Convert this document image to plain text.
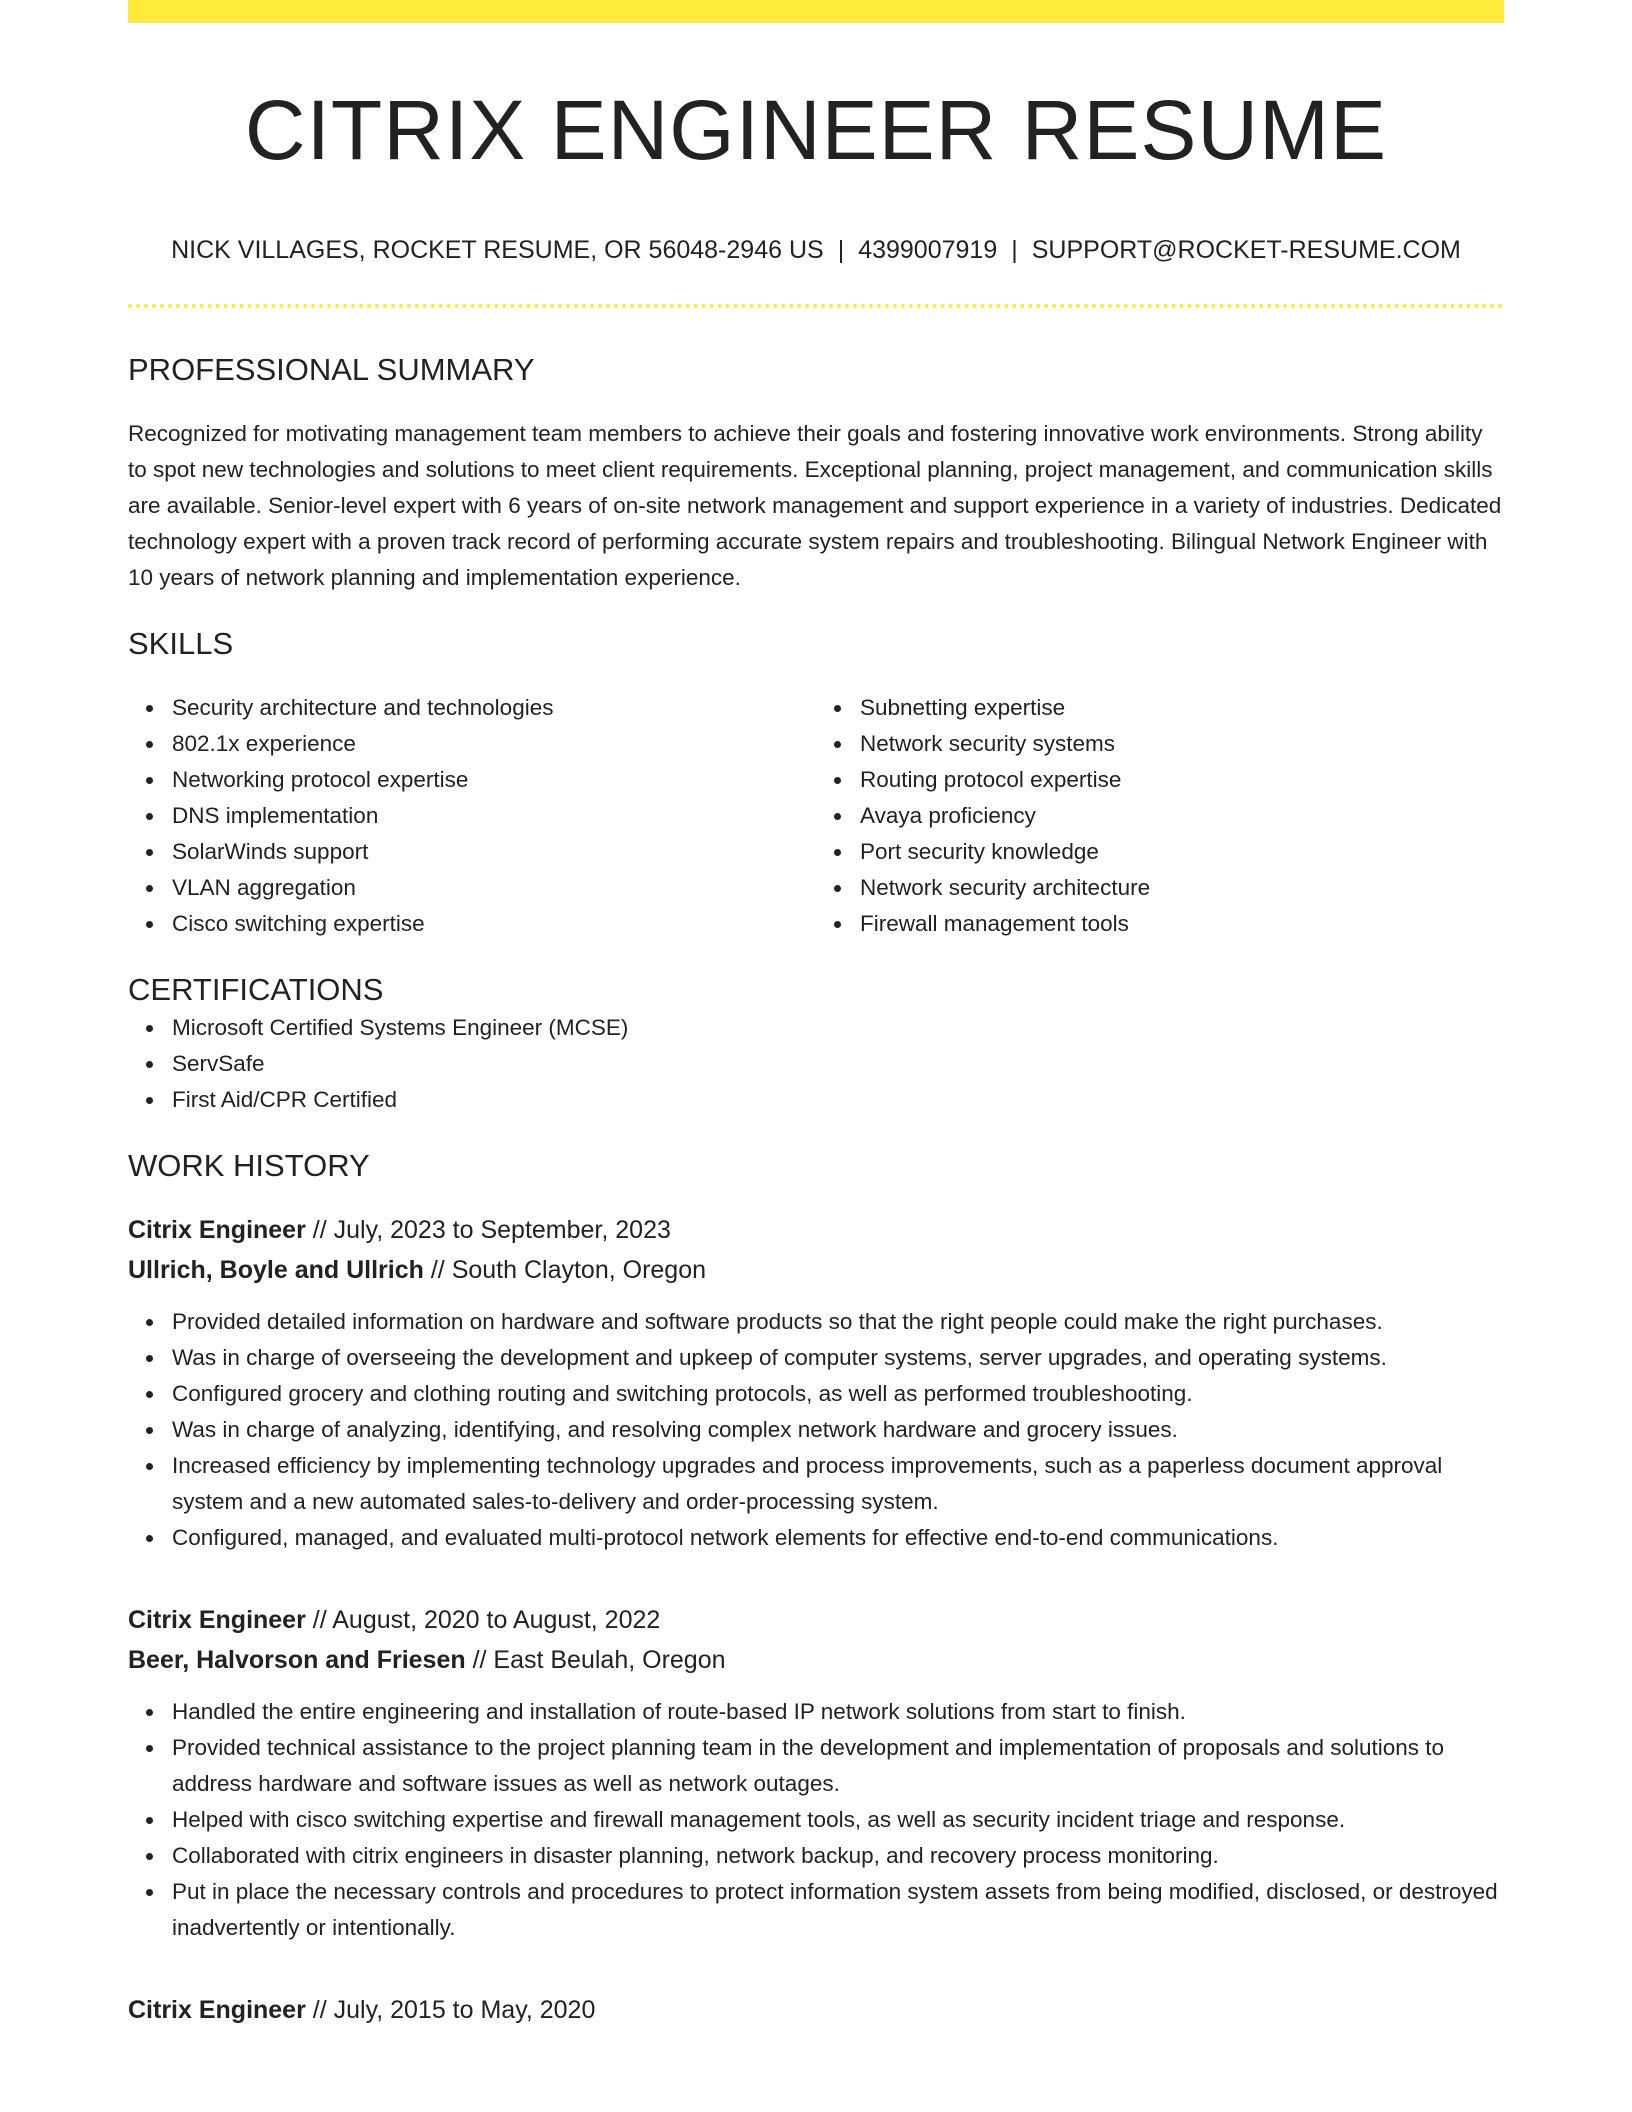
CITRIX ENGINEER RESUME
NICK VILLAGES, ROCKET RESUME, OR 56048-2946 US | 4399007919 | SUPPORT@ROCKET-RESUME.COM
PROFESSIONAL SUMMARY

Recognized for motivating management team members to achieve their goals and fostering innovative work environments. Strong ability to spot new technologies and solutions to meet client requirements. Exceptional planning, project management, and communication skills are available. Senior-level expert with 6 years of on-site network management and support experience in a variety of industries. Dedicated technology expert with a proven track record of performing accurate system repairs and troubleshooting. Bilingual Network Engineer with 10 years of network planning and implementation experience.

SKILLS
Security architecture and technologies
802.1x experience
Networking protocol expertise
DNS implementation
SolarWinds support
VLAN aggregation
Cisco switching expertise
Subnetting expertise
Network security systems
Routing protocol expertise
Avaya proficiency
Port security knowledge
Network security architecture
Firewall management tools
CERTIFICATIONS
Microsoft Certified Systems Engineer (MCSE)
ServSafe
First Aid/CPR Certified
WORK HISTORY
Citrix Engineer // July, 2023 to September, 2023
Ullrich, Boyle and Ullrich // South Clayton, Oregon
Provided detailed information on hardware and software products so that the right people could make the right purchases.
Was in charge of overseeing the development and upkeep of computer systems, server upgrades, and operating systems.
Configured grocery and clothing routing and switching protocols, as well as performed troubleshooting.
Was in charge of analyzing, identifying, and resolving complex network hardware and grocery issues.
Increased efficiency by implementing technology upgrades and process improvements, such as a paperless document approval system and a new automated sales-to-delivery and order-processing system.
Configured, managed, and evaluated multi-protocol network elements for effective end-to-end communications.
Citrix Engineer // August, 2020 to August, 2022
Beer, Halvorson and Friesen // East Beulah, Oregon
Handled the entire engineering and installation of route-based IP network solutions from start to finish.
Provided technical assistance to the project planning team in the development and implementation of proposals and solutions to address hardware and software issues as well as network outages.
Helped with cisco switching expertise and firewall management tools, as well as security incident triage and response.
Collaborated with citrix engineers in disaster planning, network backup, and recovery process monitoring.
Put in place the necessary controls and procedures to protect information system assets from being modified, disclosed, or destroyed inadvertently or intentionally.
Citrix Engineer // July, 2015 to May, 2020
